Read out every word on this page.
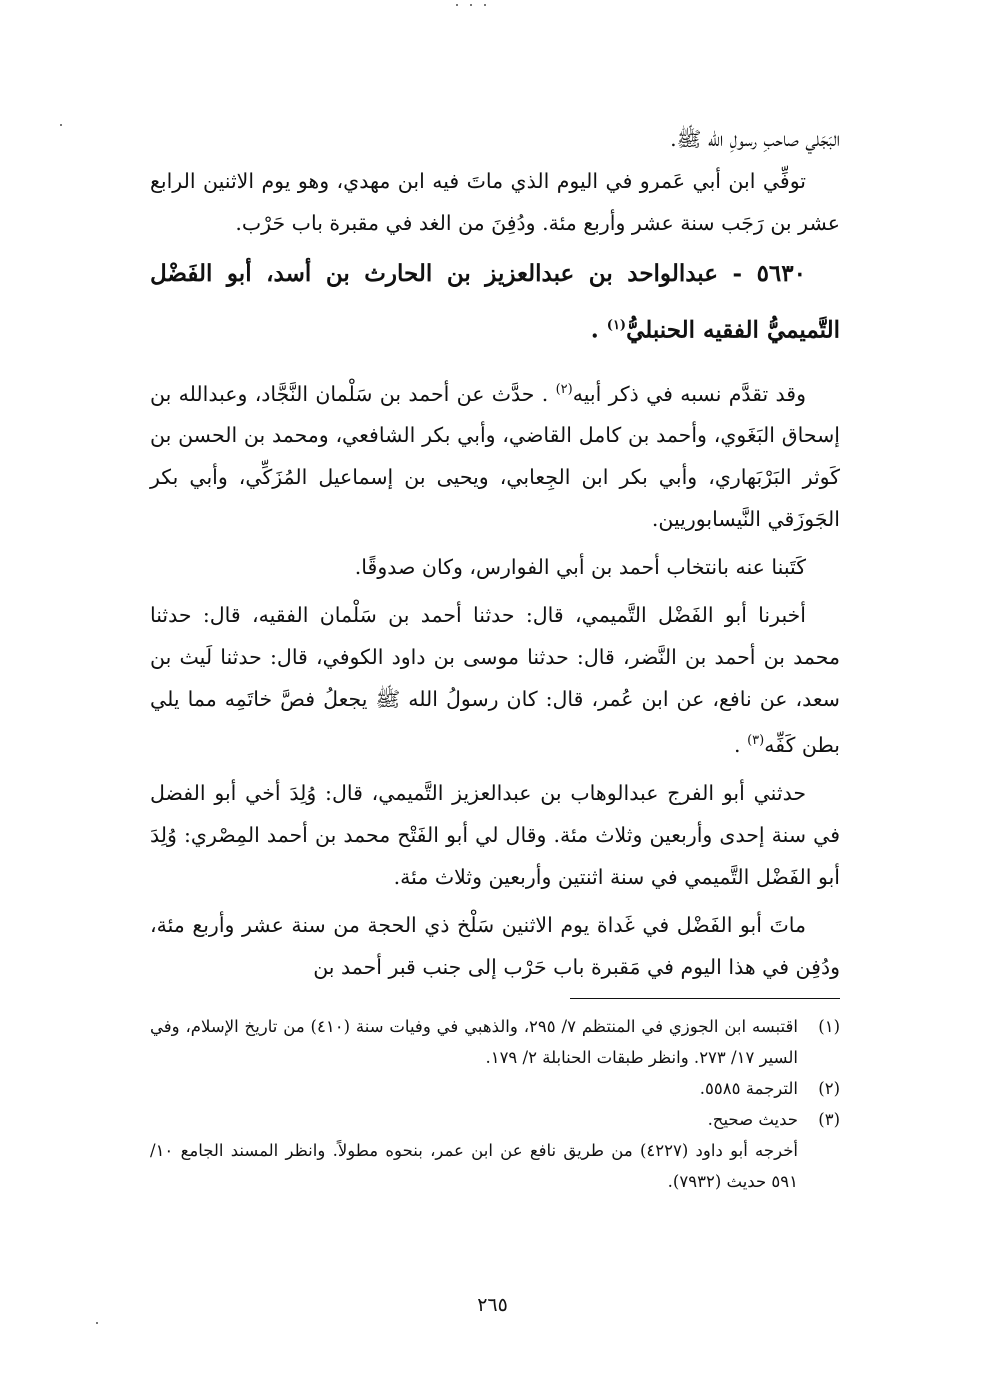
البَجَلي صاحبِ رسولِ الله ﷺ.

توفِّي ابن أبي عَمرو في اليوم الذي ماتَ فيه ابن مهدي، وهو يوم الاثنين الرابع عشر بن رَجَب سنة عشر وأربع مئة. ودُفِنَ من الغد في مقبرة باب حَرْب.

٥٦٣٠ - عبدالواحد بن عبدالعزيز بن الحارث بن أسد، أبو الفَضْل التَّميميُّ الفقيه الحنبليُّ$^{(١)}$ .

وقد تقدَّم نسبه في ذكر أبيه$^{(٢)}$ . حدَّث عن أحمد بن سَلْمان النَّجَّاد، وعبدالله بن إسحاق البَغَوي، وأحمد بن كامل القاضي، وأبي بكر الشافعي، ومحمد بن الحسن بن كَوثر البَرْبَهاري، وأبي بكر ابن الجِعابي، ويحيى بن إسماعيل المُزَكِّي، وأبي بكر الجَوزَقي النَّيسابوريين.

كَتَبنا عنه بانتخاب أحمد بن أبي الفوارس، وكان صدوقًا.

أخبرنا أبو الفَضْل التَّميمي، قال: حدثنا أحمد بن سَلْمان الفقيه، قال: حدثنا محمد بن أحمد بن النَّضر، قال: حدثنا موسى بن داود الكوفي، قال: حدثنا لَيث بن سعد، عن نافع، عن ابن عُمر، قال: كان رسولُ الله ﷺ يجعلُ فصَّ خاتَمِه مما يلي بطن كَفِّه$^{(٣)}$ .

حدثني أبو الفرج عبدالوهاب بن عبدالعزيز التَّميمي، قال: وُلِدَ أخي أبو الفضل في سنة إحدى وأربعين وثلاث مئة. وقال لي أبو الفَتْح محمد بن أحمد المِصْري: وُلِدَ أبو الفَضْل التَّميمي في سنة اثنتين وأربعين وثلاث مئة.

ماتَ أبو الفَضْل في غَداة يوم الاثنين سَلْخ ذي الحجة من سنة عشر وأربع مئة، ودُفِن في هذا اليوم في مَقبرة باب حَرْب إلى جنب قبر أحمد بن

(١)
اقتبسه ابن الجوزي في المنتظم ٧/ ٢٩٥، والذهبي في وفيات سنة (٤١٠) من تاريخ الإسلام، وفي السير ١٧/ ٢٧٣. وانظر طبقات الحنابلة ٢/ ١٧٩.

(٢)
الترجمة ٥٥٨٥.

(٣)
حديث صحيح.

أخرجه أبو داود (٤٢٢٧) من طريق نافع عن ابن عمر، بنحوه مطولاً. وانظر المسند الجامع ١٠/ ٥٩١ حديث (٧٩٣٢).

٢٦٥
